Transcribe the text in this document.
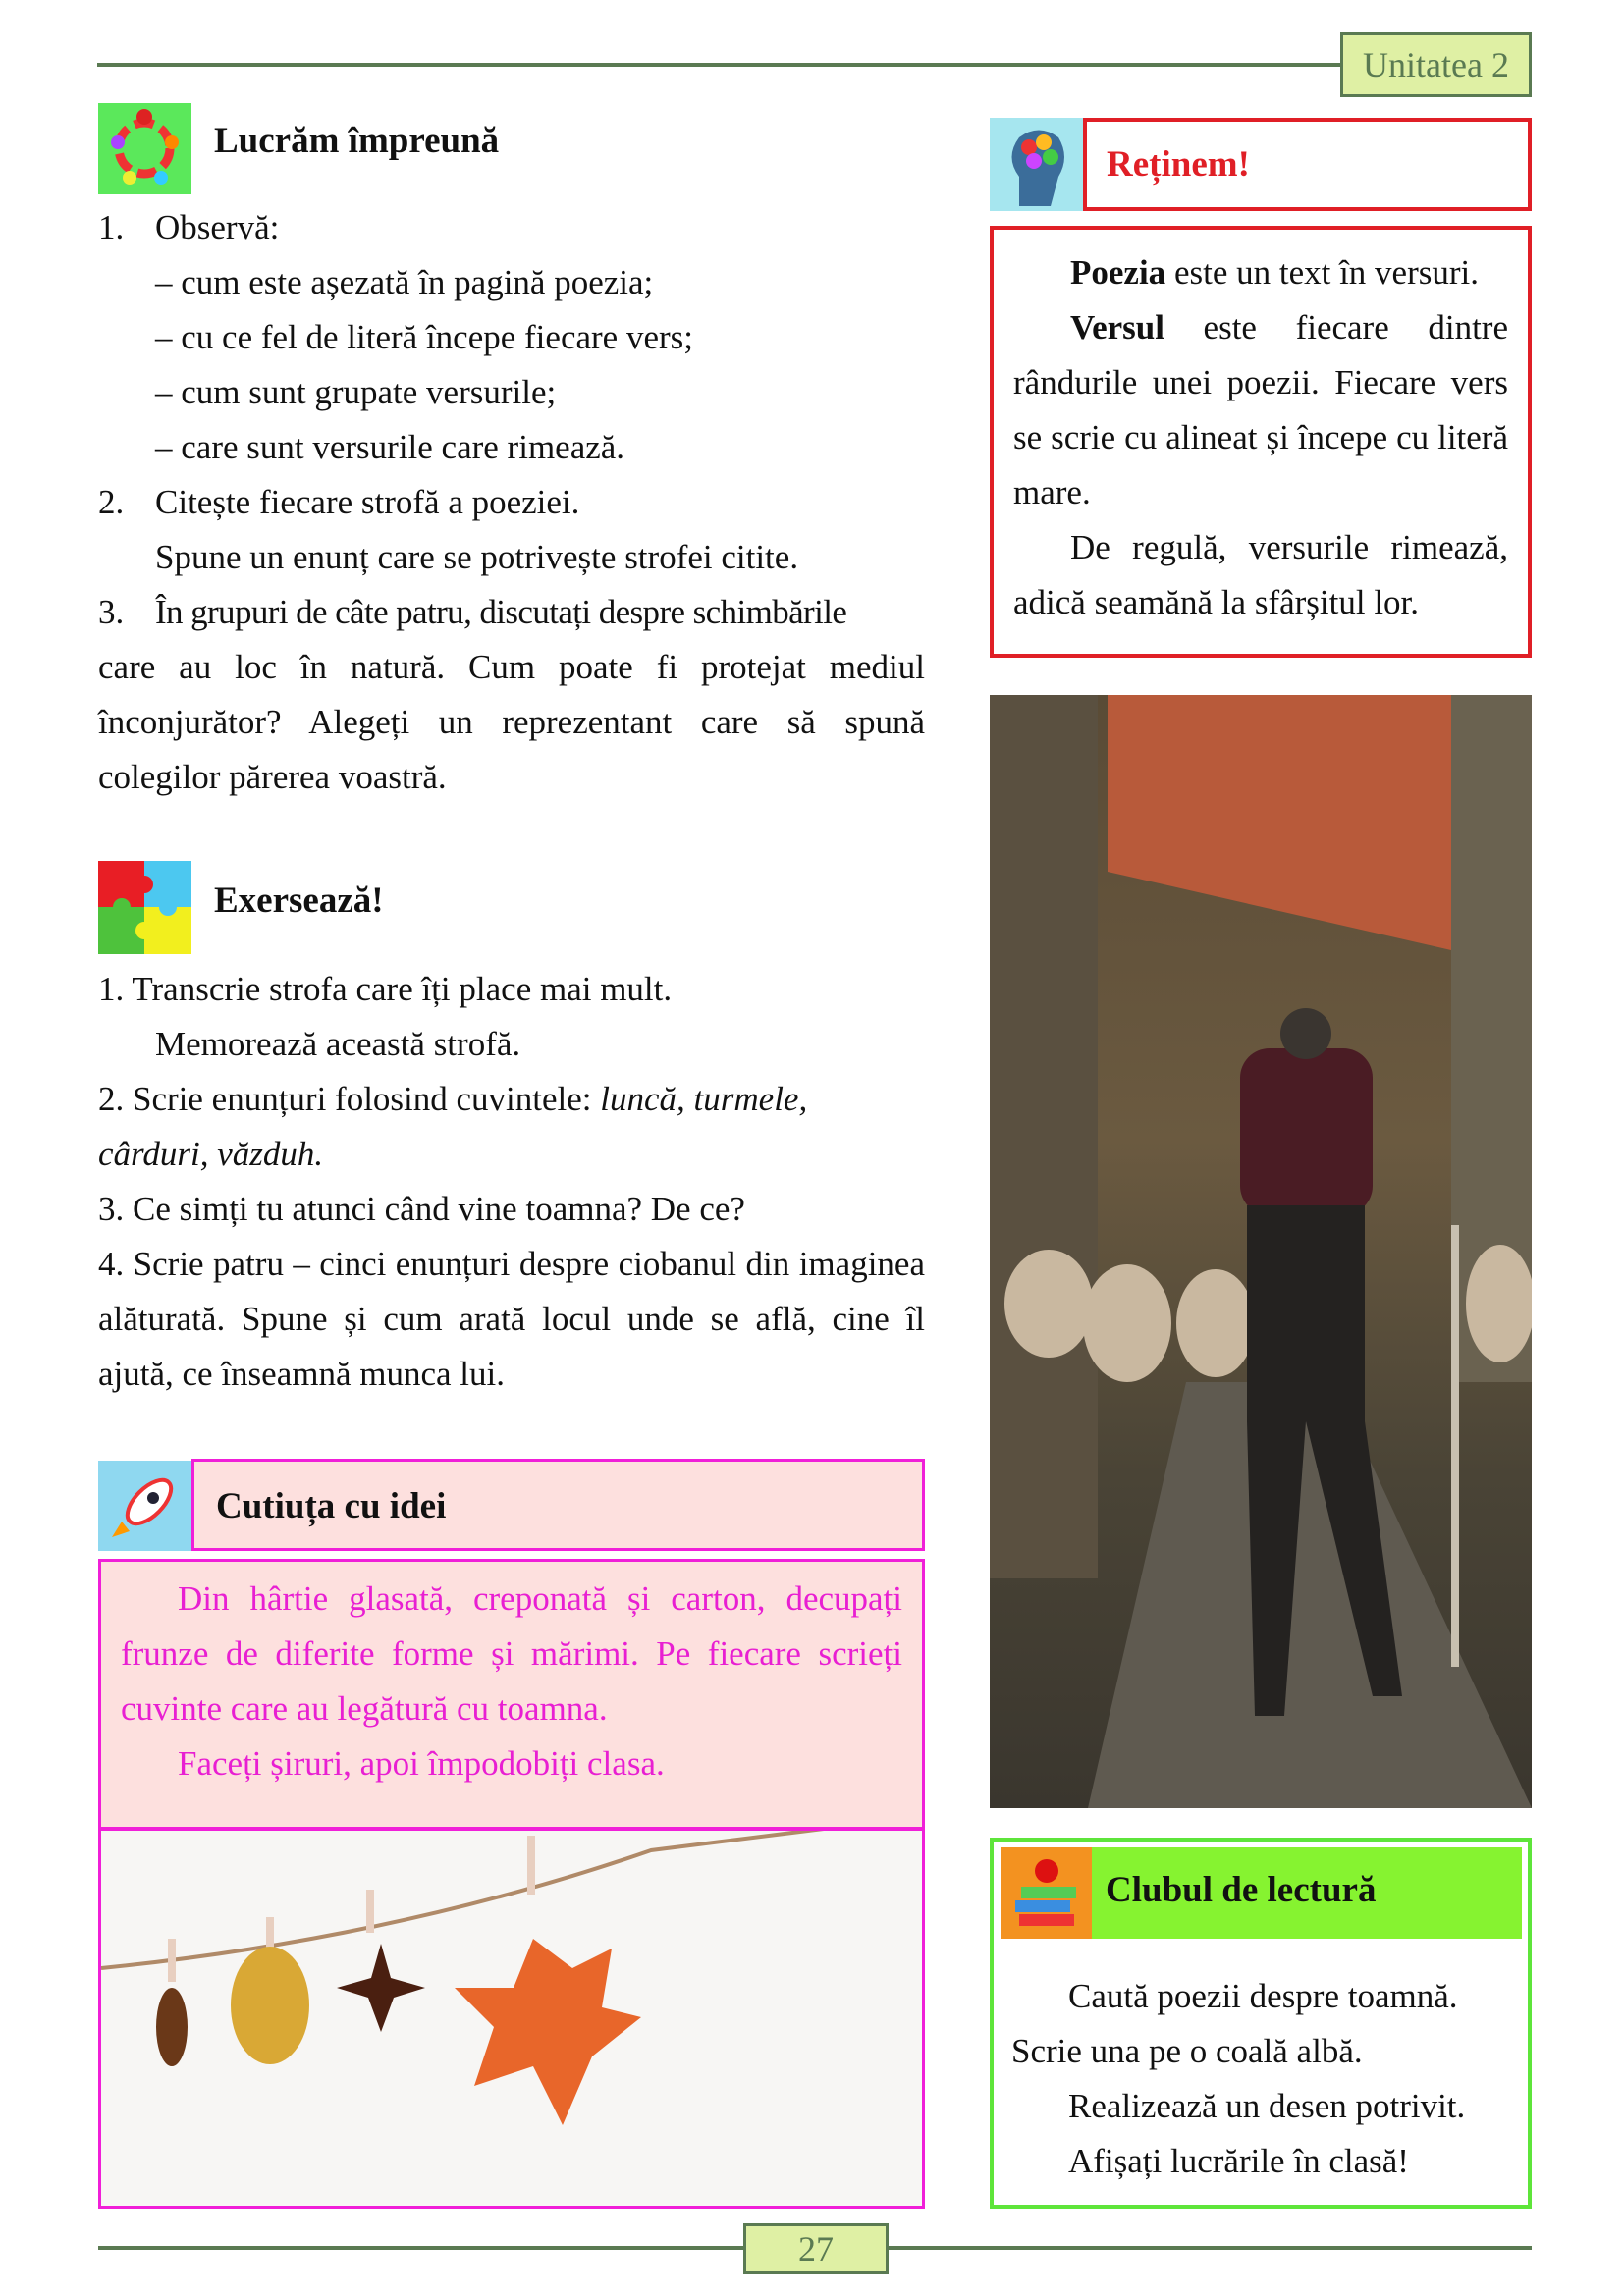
Unitatea 2
Lucrăm împreună
1. Observă:
– cum este așezată în pagină poezia;
– cu ce fel de literă începe fiecare vers;
– cum sunt grupate versurile;
– care sunt versurile care rimează.
2. Citește fiecare strofă a poeziei.
Spune un enunț care se potrivește strofei citite.
3. În grupuri de câte patru, discutați despre schimbările
care au loc în natură. Cum poate fi protejat mediul înconjurător? Alegeți un reprezentant care să spună colegilor părerea voastră.
Exersează!
1. Transcrie strofa care îți place mai mult.
Memorează această strofă.
2. Scrie enunțuri folosind cuvintele: luncă, turmele, cârduri, văzduh.
3. Ce simți tu atunci când vine toamna? De ce?
4. Scrie patru – cinci enunțuri despre ciobanul din imaginea alăturată. Spune și cum arată locul unde se află, cine îl ajută, ce înseamnă munca lui.
Cutiuța cu idei
Din hârtie glasată, creponată și carton, decupați frunze de diferite forme și mărimi. Pe fiecare scrieți cuvinte care au legătură cu toamna.
Faceți șiruri, apoi împodobiți clasa.
Reținem!
Poezia este un text în versuri.
Versul este fiecare dintre rândurile unei poezii. Fiecare vers se scrie cu alineat și începe cu literă mare.
De regulă, versurile rimează, adică seamănă la sfârșitul lor.
Clubul de lectură
Caută poezii despre toamnă.
Scrie una pe o coală albă.
Realizează un desen potrivit.
Afișați lucrările în clasă!
27
